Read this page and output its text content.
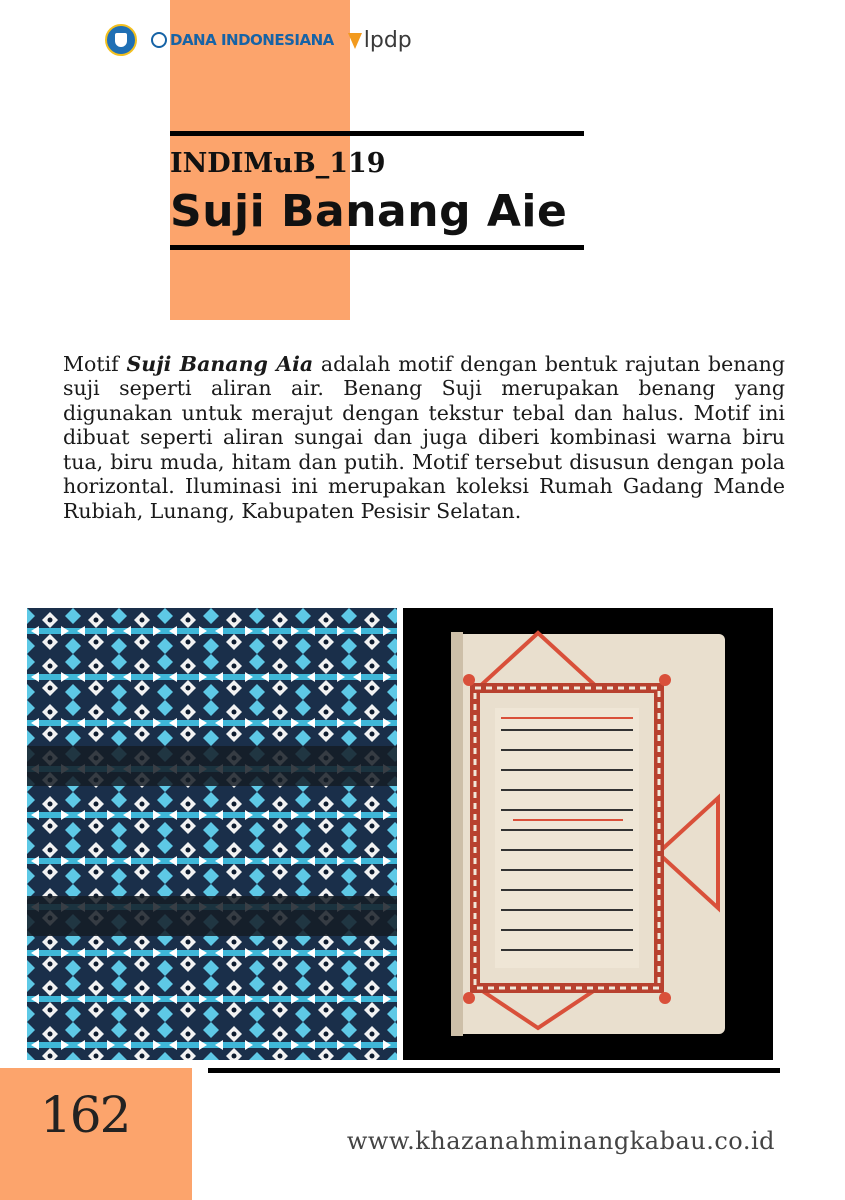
DANA INDONESIANA lpdp
INDIMuB_119
Suji Banang Aie

Motif Suji Banang Aia adalah motif dengan bentuk rajutan benang suji seperti aliran air. Benang Suji merupakan benang yang digunakan untuk merajut dengan tekstur tebal dan halus. Motif ini dibuat seperti aliran sungai dan juga diberi kombinasi warna biru tua, biru muda, hitam dan putih. Motif tersebut disusun dengan pola horizontal. Iluminasi ini merupakan koleksi Rumah Gadang Mande Rubiah, Lunang, Kabupaten Pesisir Selatan.

162	www.khazanahminangkabau.co.id
